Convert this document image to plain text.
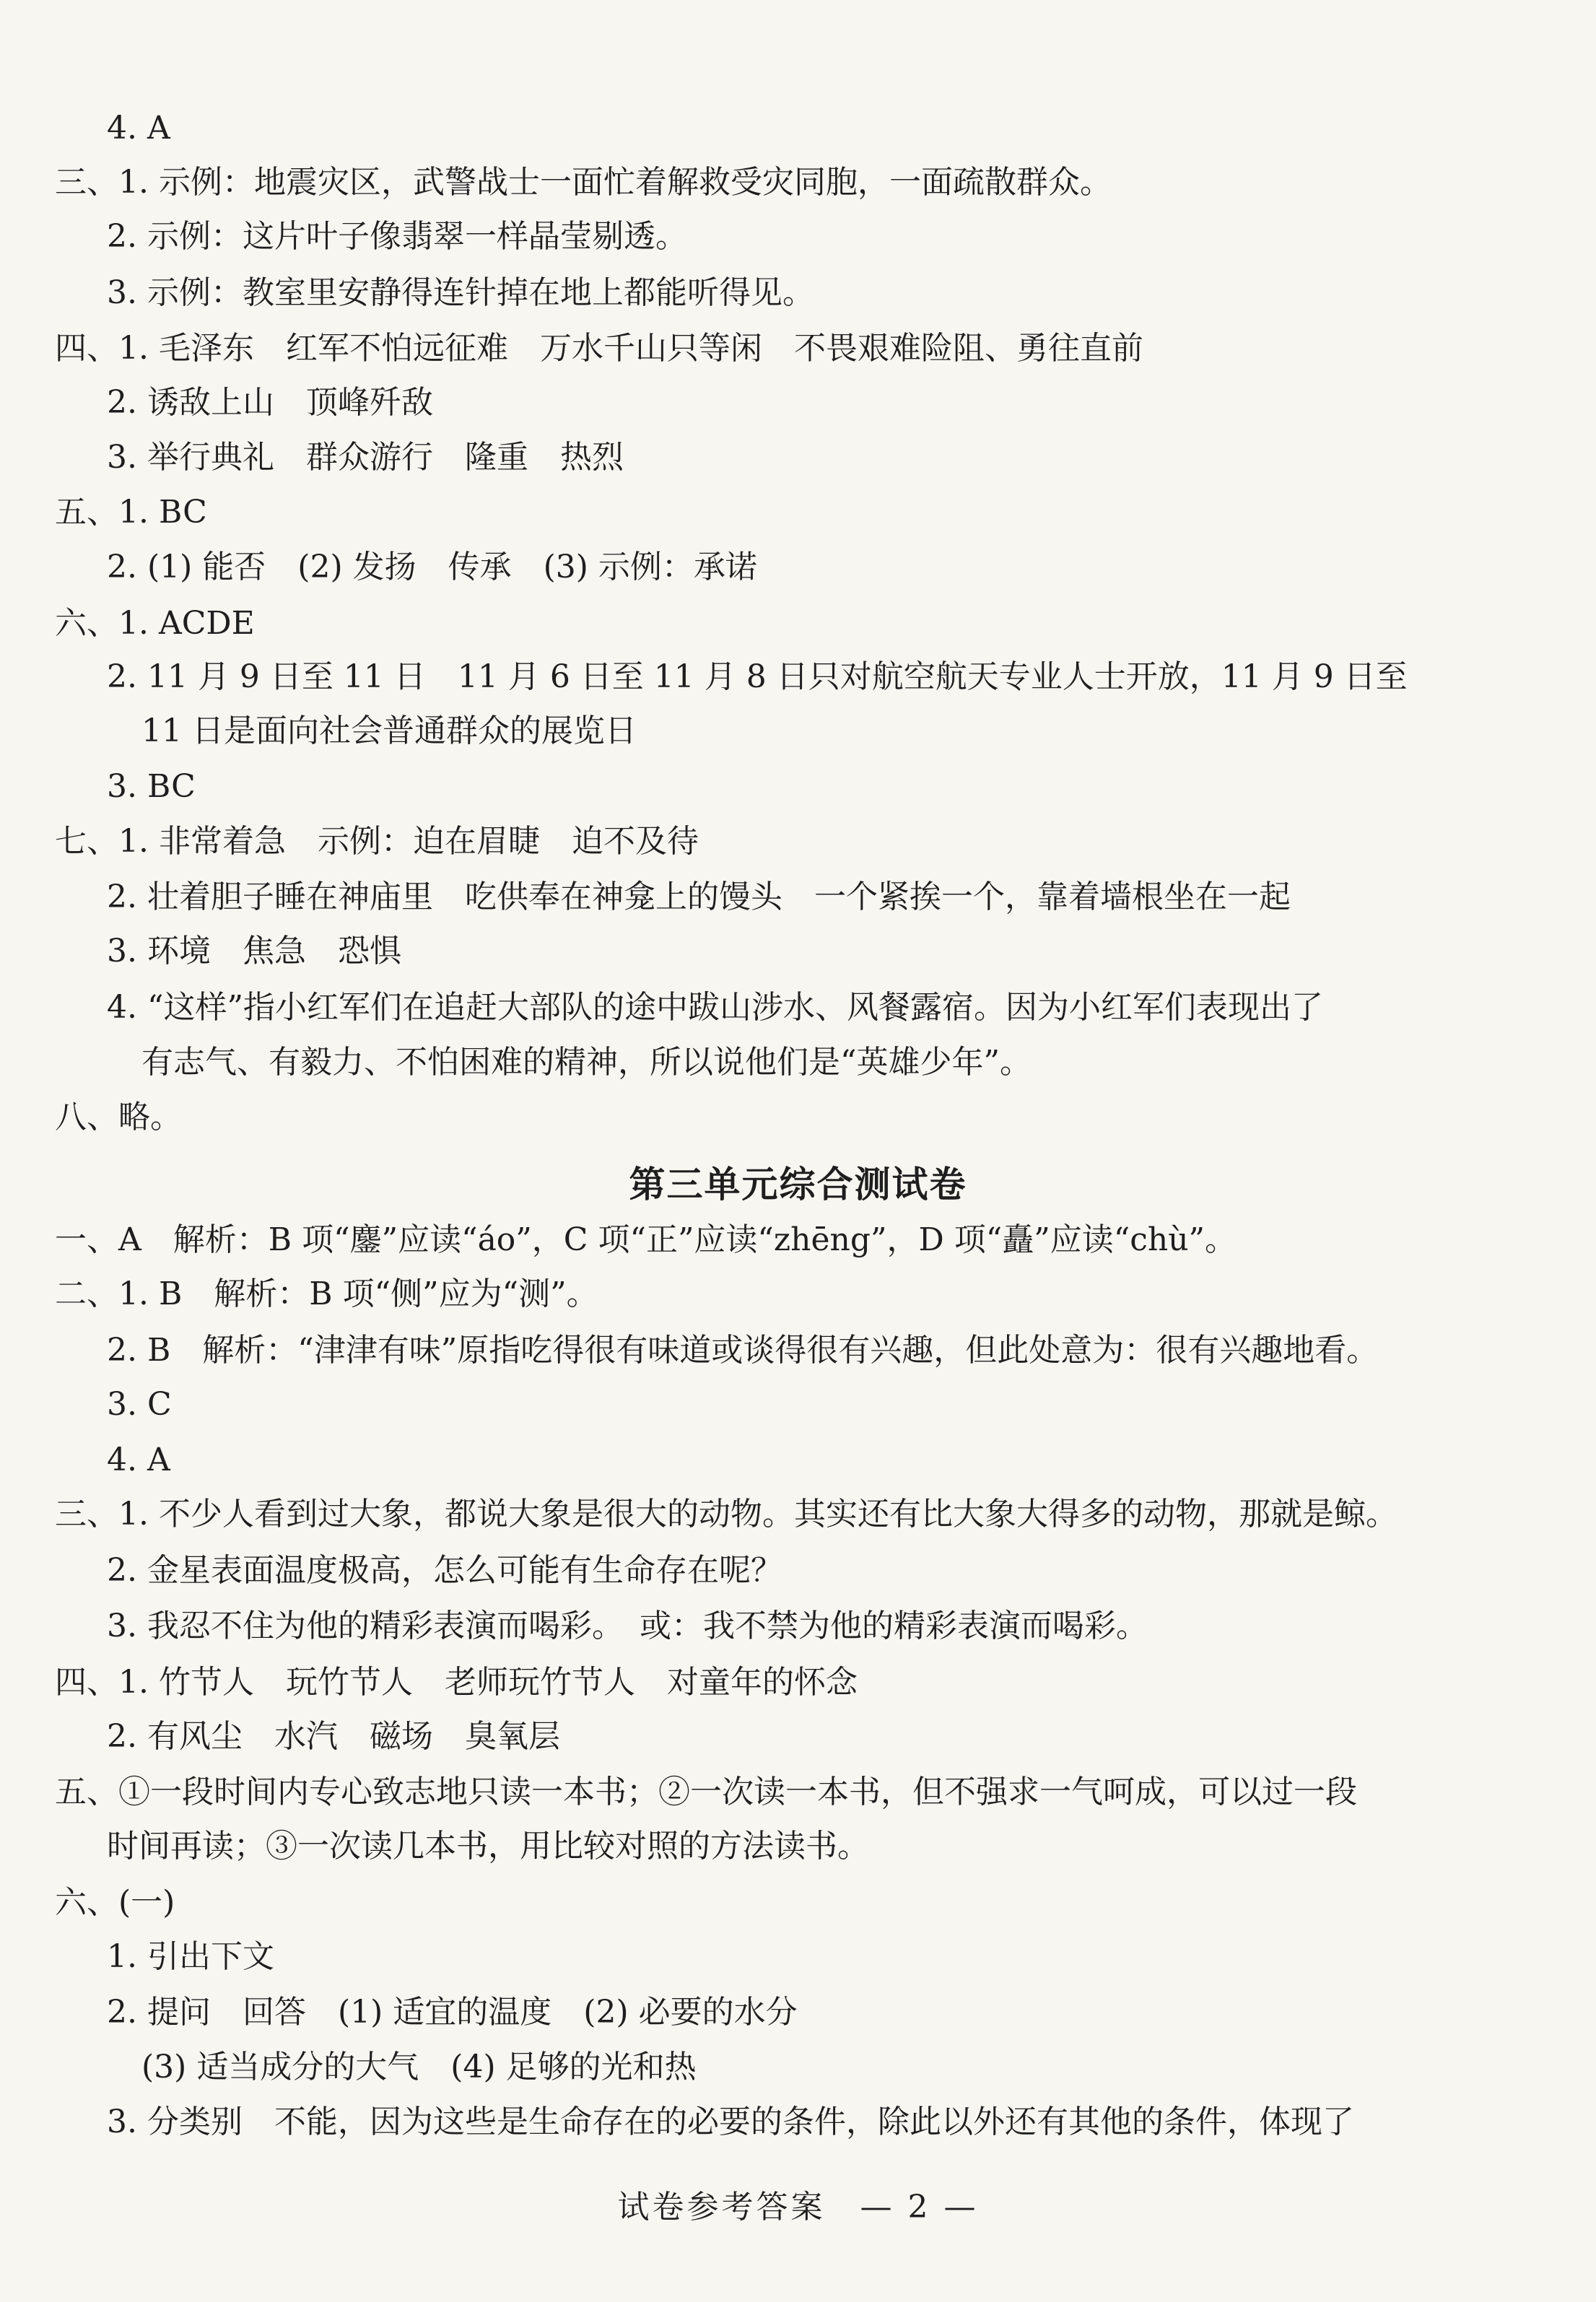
4. A
三、1. 示例：地震灾区，武警战士一面忙着解救受灾同胞，一面疏散群众。
2. 示例：这片叶子像翡翠一样晶莹剔透。
3. 示例：教室里安静得连针掉在地上都能听得见。
四、1. 毛泽东　红军不怕远征难　万水千山只等闲　不畏艰难险阻、勇往直前
2. 诱敌上山　顶峰歼敌
3. 举行典礼　群众游行　隆重　热烈
五、1. BC
2. (1) 能否　(2) 发扬　传承　(3) 示例：承诺
六、1. ACDE
2. 11 月 9 日至 11 日　11 月 6 日至 11 月 8 日只对航空航天专业人士开放，11 月 9 日至
11 日是面向社会普通群众的展览日
3. BC
七、1. 非常着急　示例：迫在眉睫　迫不及待
2. 壮着胆子睡在神庙里　吃供奉在神龛上的馒头　一个紧挨一个，靠着墙根坐在一起
3. 环境　焦急　恐惧
4. “这样”指小红军们在追赶大部队的途中跋山涉水、风餐露宿。因为小红军们表现出了
有志气、有毅力、不怕困难的精神，所以说他们是“英雄少年”。
八、略。
第三单元综合测试卷
一、A　解析：B 项“鏖”应读“áo”，C 项“正”应读“zhēng”，D 项“矗”应读“chù”。
二、1. B　解析：B 项“侧”应为“测”。
2. B　解析：“津津有味”原指吃得很有味道或谈得很有兴趣，但此处意为：很有兴趣地看。
3. C
4. A
三、1. 不少人看到过大象，都说大象是很大的动物。其实还有比大象大得多的动物，那就是鲸。
2. 金星表面温度极高，怎么可能有生命存在呢？
3. 我忍不住为他的精彩表演而喝彩。　或：我不禁为他的精彩表演而喝彩。
四、1. 竹节人　玩竹节人　老师玩竹节人　对童年的怀念
2. 有风尘　水汽　磁场　臭氧层
五、①一段时间内专心致志地只读一本书；②一次读一本书，但不强求一气呵成，可以过一段
时间再读；③一次读几本书，用比较对照的方法读书。
六、(一)
1. 引出下文
2. 提问　回答　(1) 适宜的温度　(2) 必要的水分
(3) 适当成分的大气　(4) 足够的光和热
3. 分类别　不能，因为这些是生命存在的必要的条件，除此以外还有其他的条件，体现了
试卷参考答案　— 2 —
